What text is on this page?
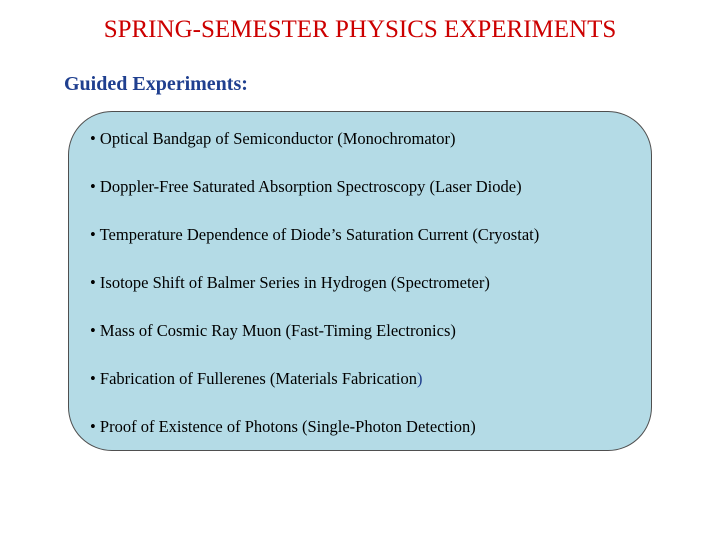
SPRING-SEMESTER PHYSICS EXPERIMENTS
Guided Experiments:
• Optical Bandgap of Semiconductor (Monochromator)
• Doppler-Free Saturated Absorption Spectroscopy (Laser Diode)
• Temperature Dependence of Diode’s Saturation Current (Cryostat)
• Isotope Shift of Balmer Series in Hydrogen (Spectrometer)
• Mass of Cosmic Ray Muon (Fast-Timing Electronics)
• Fabrication of Fullerenes (Materials Fabrication)
• Proof of Existence of Photons (Single-Photon Detection)
